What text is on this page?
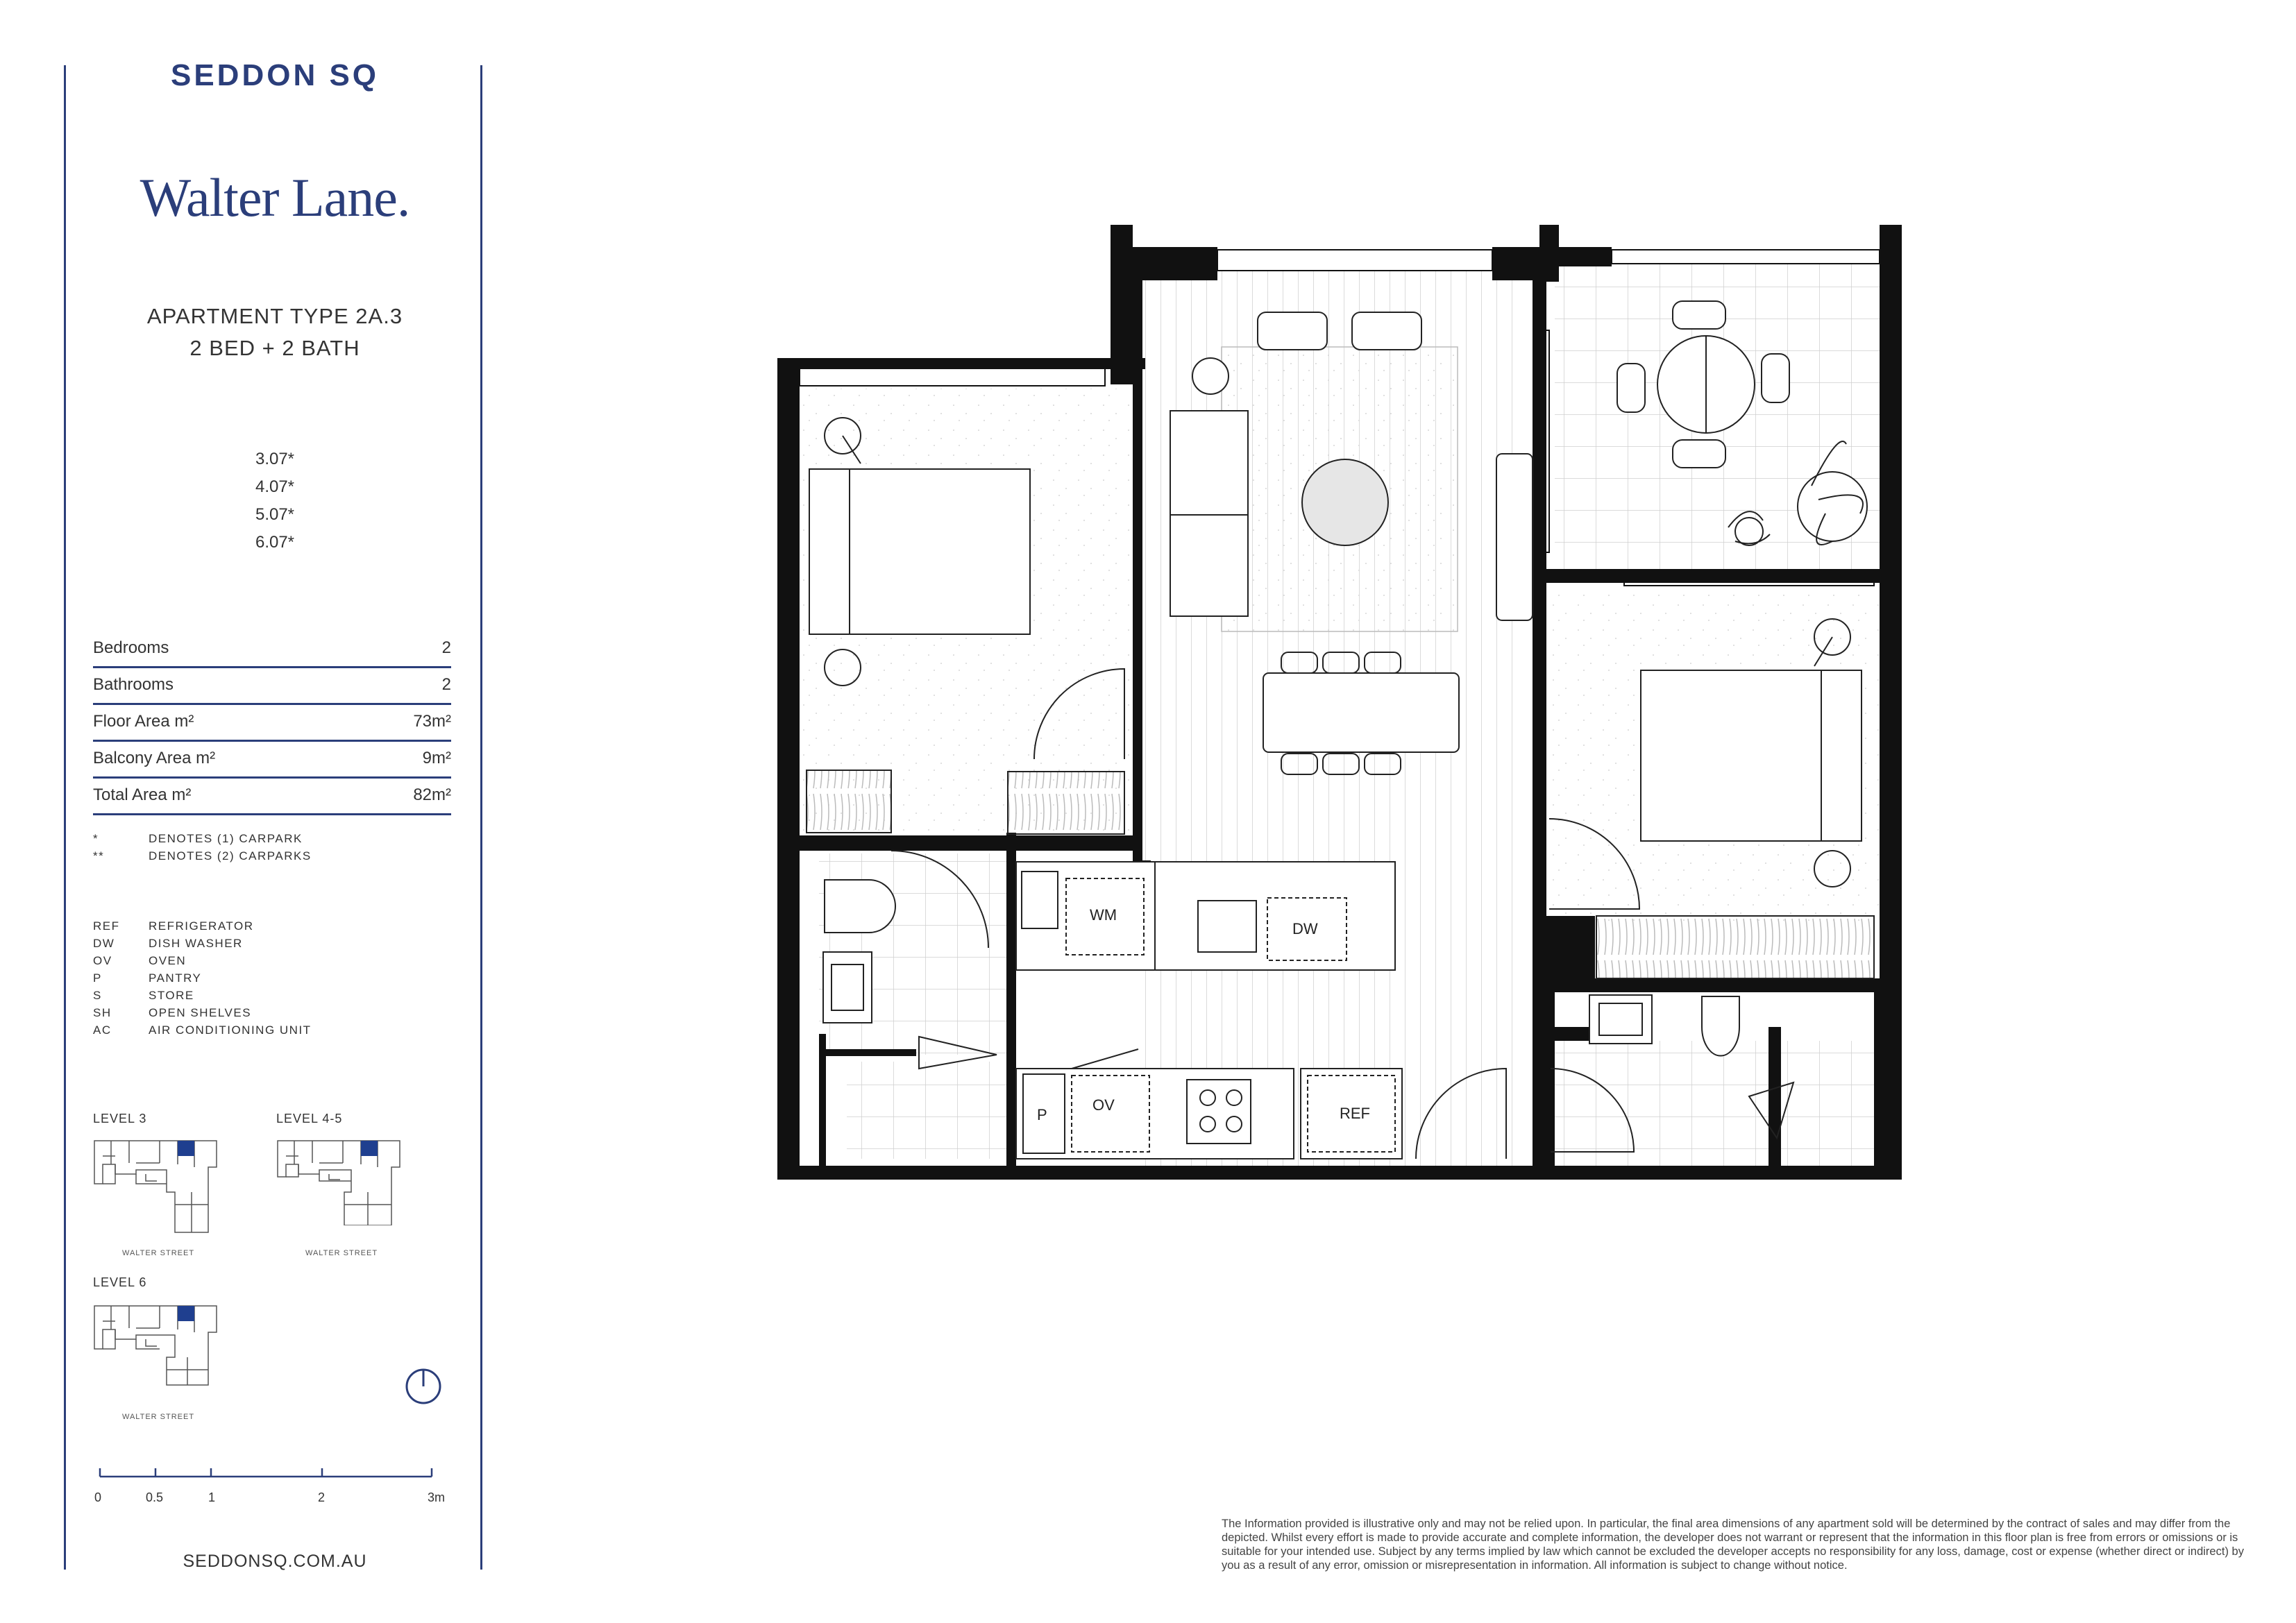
SEDDON SQ
Walter Lane.
APARTMENT TYPE 2A.3
2 BED + 2 BATH
3.07*
4.07*
5.07*
6.07*
Bedrooms	2
Bathrooms	2
Floor Area m²	73m²
Balcony Area m²	9m²
Total Area m²	82m²
*	DENOTES (1) CARPARK
**	DENOTES (2) CARPARKS
REF REFRIGERATOR
DW	DISH WASHER
OV	OVEN
P	PANTRY
S	STORE
SH	OPEN SHELVES
AC	AIR CONDITIONING UNIT
LEVEL 3	LEVEL 4-5
LEVEL 6
WALTER STREET	WALTER STREET
WALTER STREET
0	0.5	1	2	3m
SEDDONSQ.COM.AU
WM
DW
P
OV	REF
The Information provided is illustrative only and may not be relied upon. In particular, the final area dimensions of any apartment sold will be determined by the contract of sales and may differ from the depicted. Whilst every effort is made to provide accurate and complete information, the developer does not warrant or represent that the information in this floor plan is free from errors or omissions or is suitable for your intended use. Subject by any terms implied by law which cannot be excluded the developer accepts no responsibility for any loss, damage, cost or expense (whether direct or indirect) by you as a result of any error, omission or misrepresentation in information. All information is subject to change without notice.
